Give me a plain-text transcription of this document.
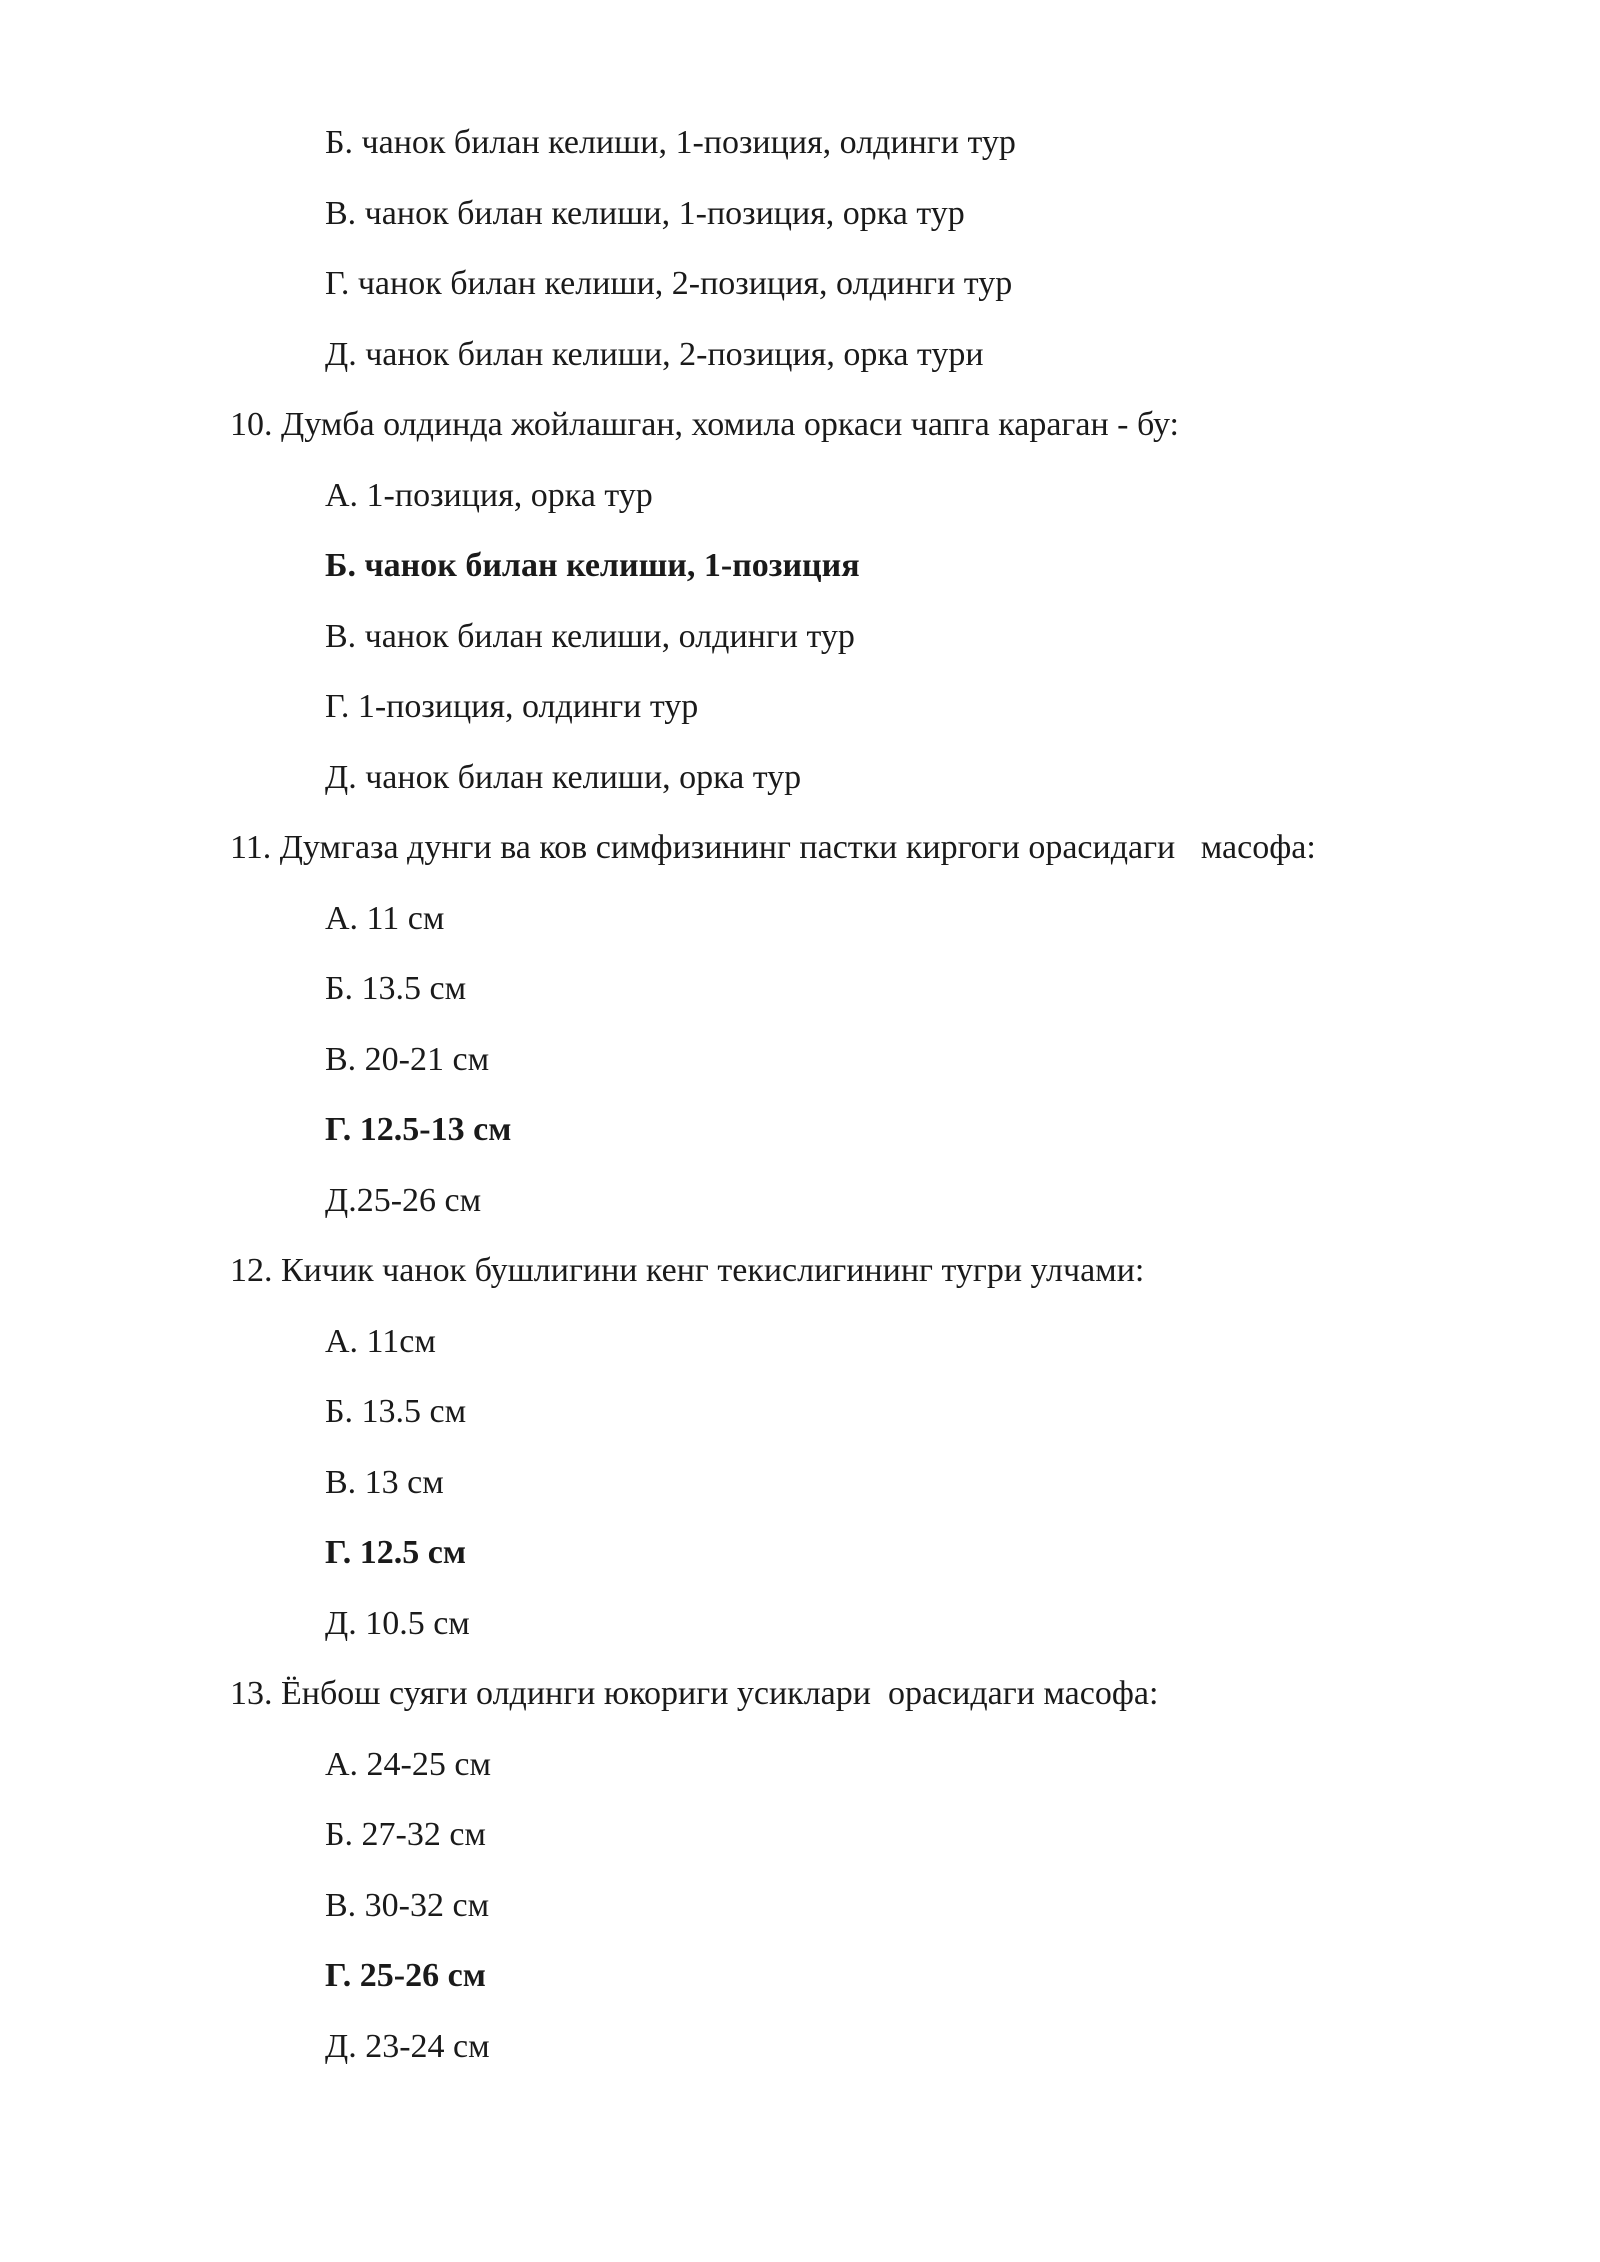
Б. чанок билан келиши, 1-позиция, олдинги тур
В. чанок билан келиши, 1-позиция, орка тур
Г. чанок билан келиши, 2-позиция, олдинги тур
Д. чанок билан келиши, 2-позиция, орка тури
10. Думба олдинда жойлашган, хомила оркаси чапга караган - бу:
А. 1-позиция, орка тур
Б. чанок билан келиши, 1-позиция
В. чанок билан келиши, олдинги тур
Г. 1-позиция, олдинги тур
Д. чанок билан келиши, орка тур
11. Думгаза дунги ва ков симфизининг пастки киргоги орасидаги   масофа:
А. 11 см
Б. 13.5 см
В. 20-21 см
Г. 12.5-13 см
Д.25-26 см
12. Кичик чанок бушлигини кенг текислигининг тугри улчами:
А. 11см
Б. 13.5 см
В. 13 см
Г. 12.5 см
Д. 10.5 см
13. Ёнбош суяги олдинги юкориги усиклари  орасидаги масофа:
А. 24-25 см
Б. 27-32 см
В. 30-32 см
Г. 25-26 см
Д. 23-24 см
